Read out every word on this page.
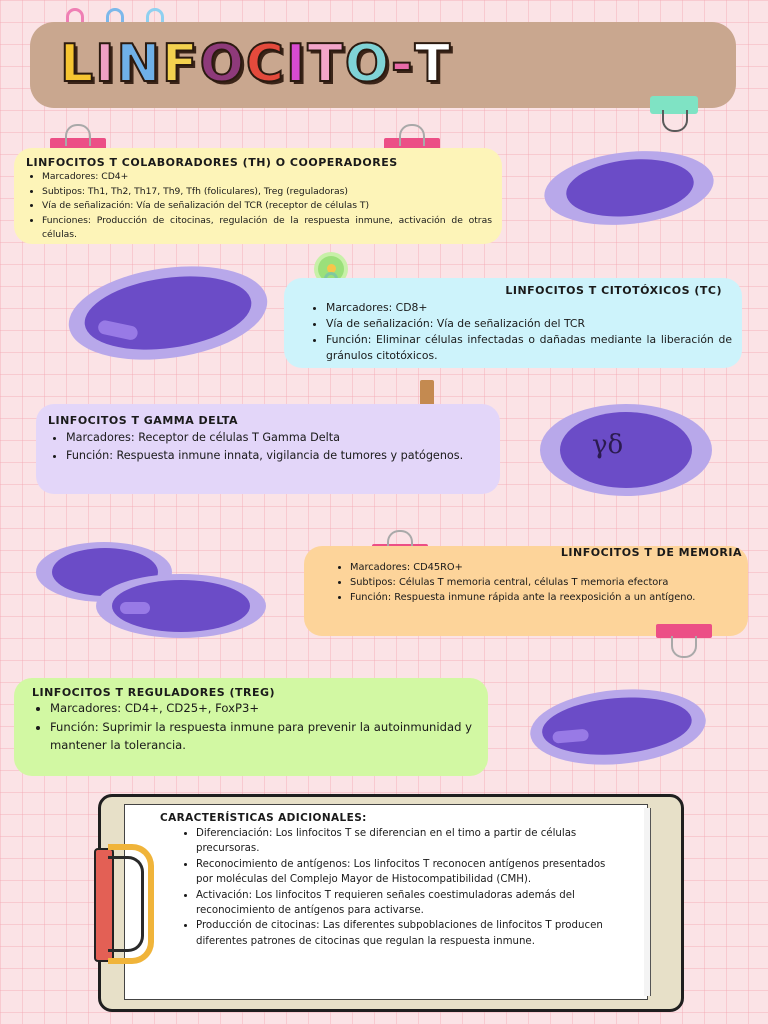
L I N F O C I T O - T
LINFOCITOS T COLABORADORES (TH) O COOPERADORES
• Marcadores: CD4+
• Subtipos: Th1, Th2, Th17, Th9, Tfh (foliculares), Treg (reguladoras)
• Vía de señalización: Vía de señalización del TCR (receptor de células T)
• Funciones: Producción de citocinas, regulación de la respuesta inmune, activación de otras células.
LINFOCITOS T CITOTÓXICOS (TC)
• Marcadores: CD8+
• Vía de señalización: Vía de señalización del TCR
• Función: Eliminar células infectadas o dañadas mediante la liberación de gránulos citotóxicos.
LINFOCITOS T GAMMA DELTA
• Marcadores: Receptor de células T Gamma Delta
• Función: Respuesta inmune innata, vigilancia de tumores y patógenos.	γδ
LINFOCITOS T DE MEMORIA
• Marcadores: CD45RO+
• Subtipos: Células T memoria central, células T memoria efectora
• Función: Respuesta inmune rápida ante la reexposición a un antígeno.
LINFOCITOS T REGULADORES (TREG)
• Marcadores: CD4+, CD25+, FoxP3+
• Función: Suprimir la respuesta inmune para prevenir la autoinmunidad y mantener la tolerancia.
CARACTERÍSTICAS ADICIONALES:
• Diferenciación: Los linfocitos T se diferencian en el timo a partir de células precursoras.
• Reconocimiento de antígenos: Los linfocitos T reconocen antígenos presentados por moléculas del Complejo Mayor de Histocompatibilidad (CMH).
• Activación: Los linfocitos T requieren señales coestimuladoras además del reconocimiento de antígenos para activarse.
• Producción de citocinas: Las diferentes subpoblaciones de linfocitos T producen diferentes patrones de citocinas que regulan la respuesta inmune.
